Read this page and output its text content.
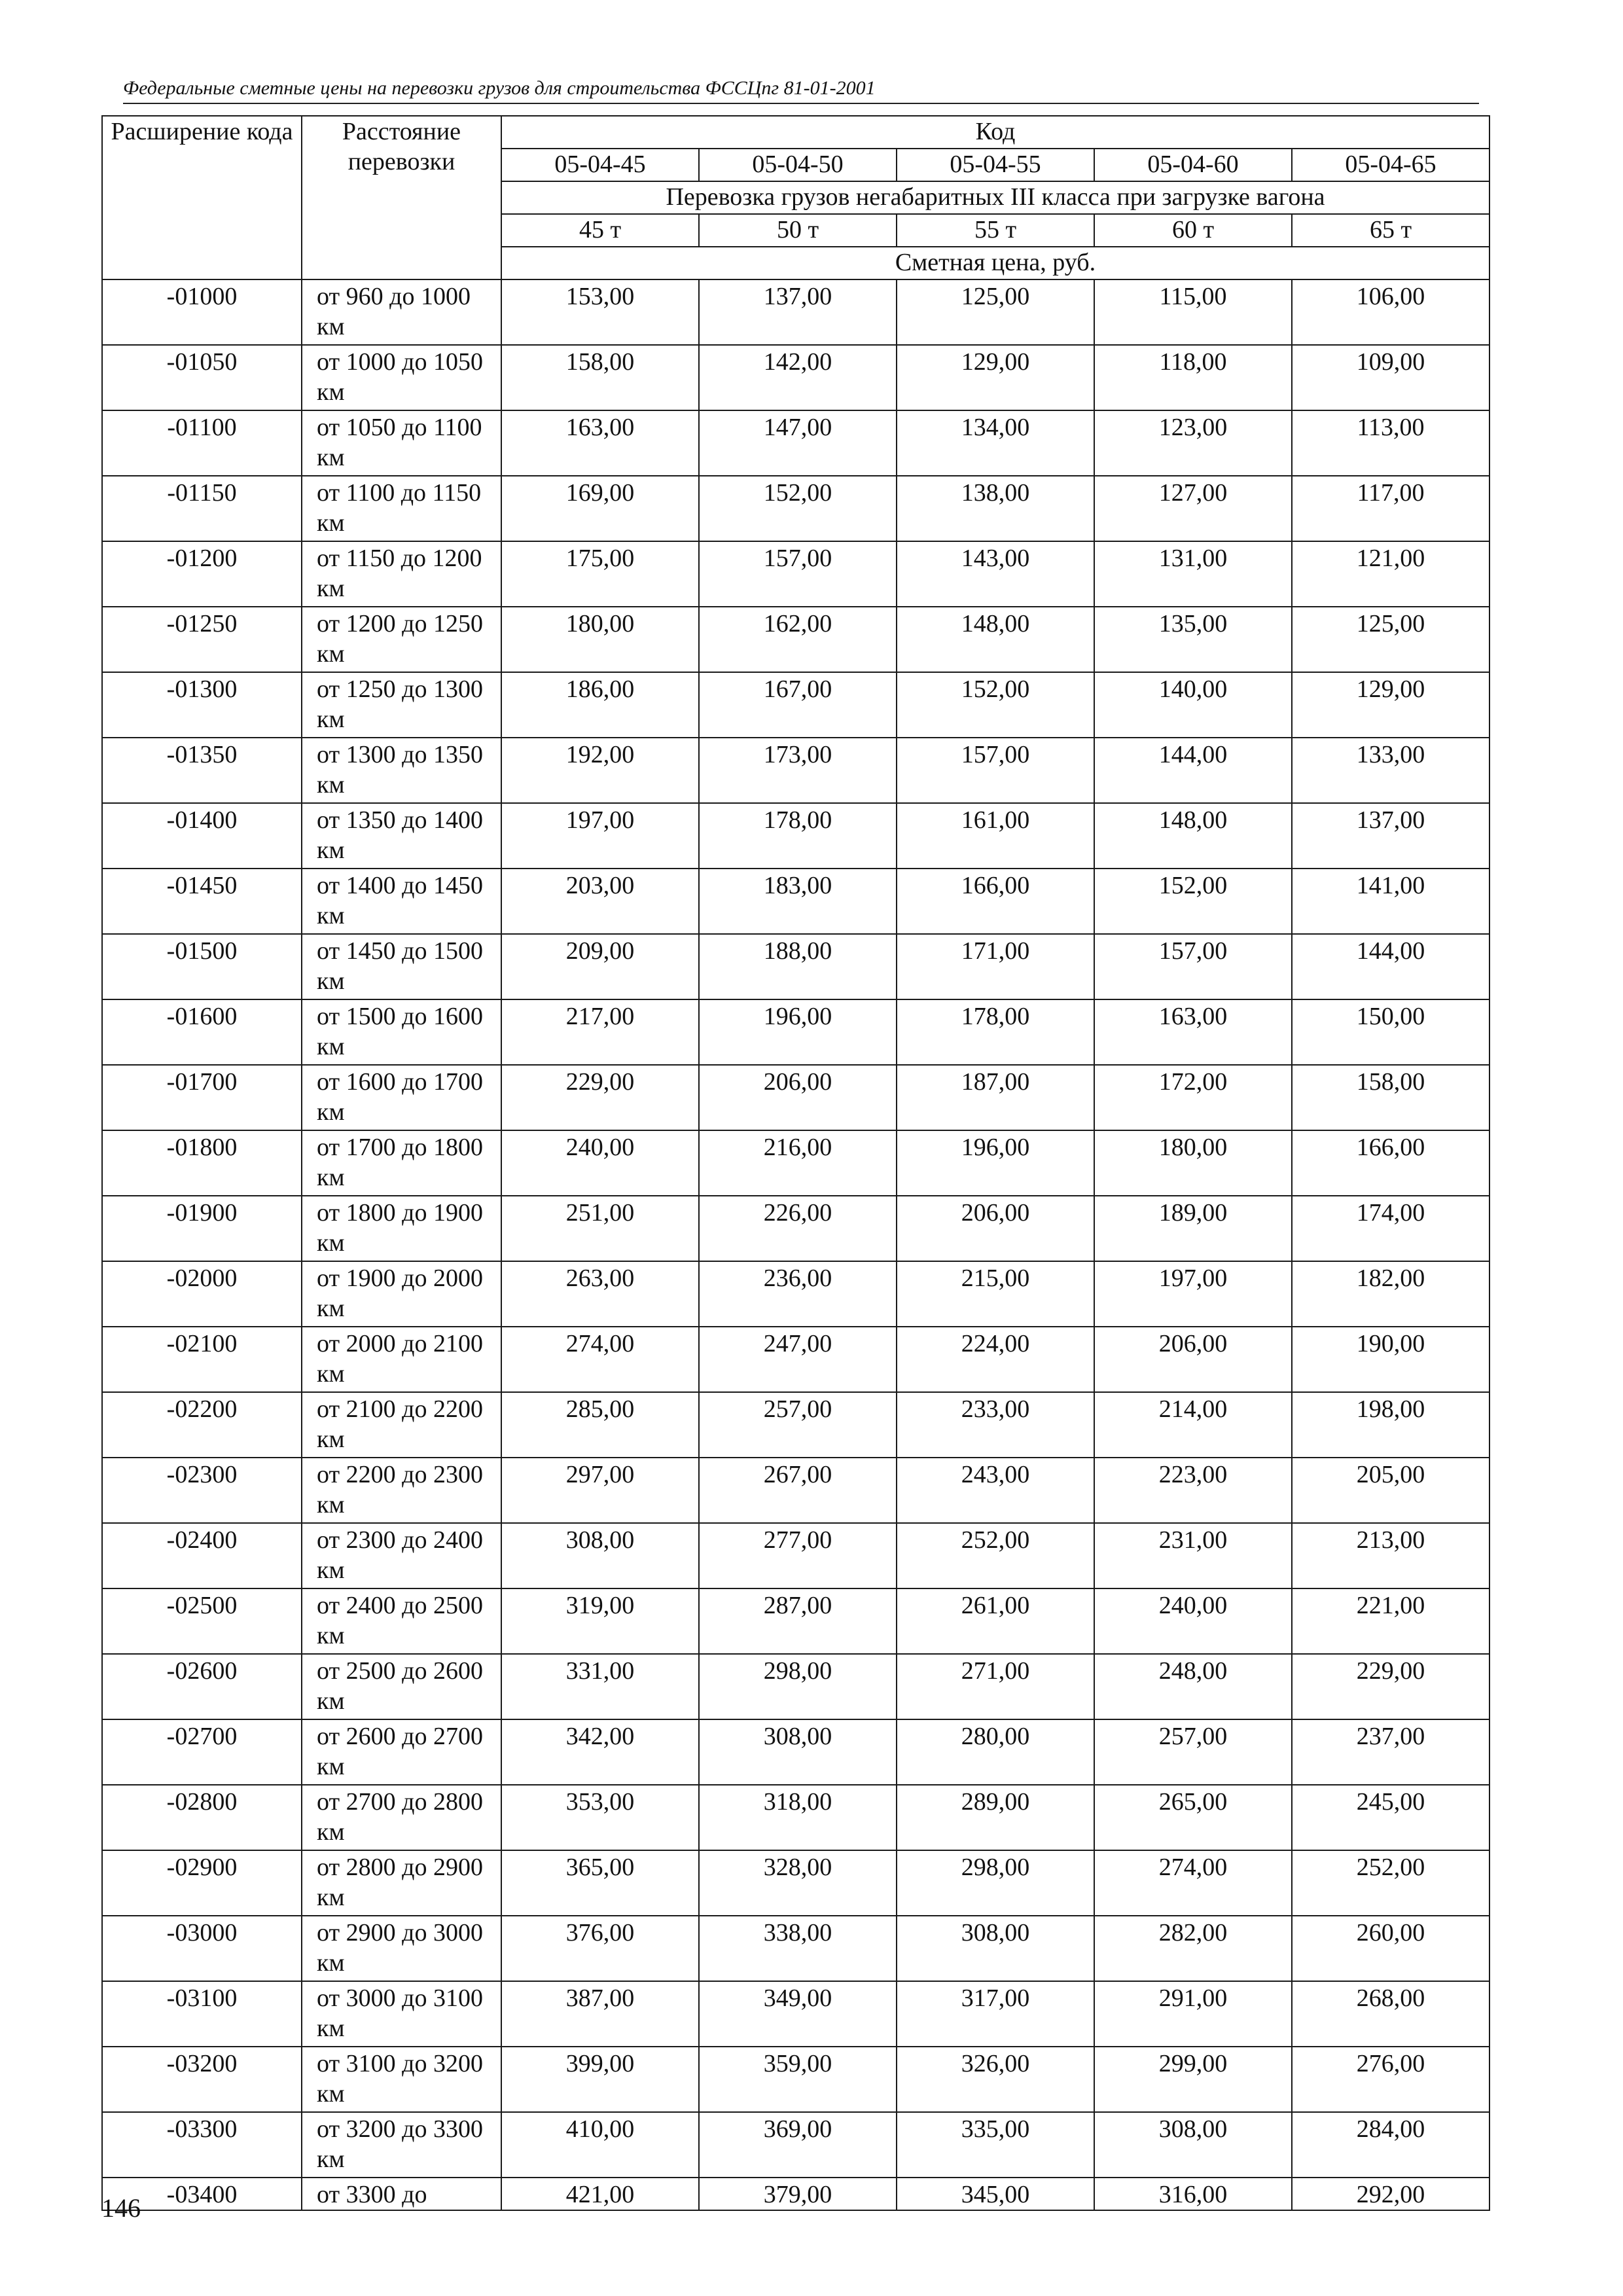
Федеральные сметные цены на перевозки грузов для строительства ФССЦпг 81-01-2001
Расширение кода	Расстояние перевозки	Код				
		05-04-45	05-04-50	05-04-55	05-04-60	05-04-65
		Перевозка грузов негабаритных III класса при загрузке вагона				
		45 т	50 т	55 т	60 т	65 т
		Сметная цена, руб.				
-01000	от 960 до 1000 км	153,00	137,00	125,00	115,00	106,00
-01050	от 1000 до 1050 км	158,00	142,00	129,00	118,00	109,00
-01100	от 1050 до 1100 км	163,00	147,00	134,00	123,00	113,00
-01150	от 1100 до 1150 км	169,00	152,00	138,00	127,00	117,00
-01200	от 1150 до 1200 км	175,00	157,00	143,00	131,00	121,00
-01250	от 1200 до 1250 км	180,00	162,00	148,00	135,00	125,00
-01300	от 1250 до 1300 км	186,00	167,00	152,00	140,00	129,00
-01350	от 1300 до 1350 км	192,00	173,00	157,00	144,00	133,00
-01400	от 1350 до 1400 км	197,00	178,00	161,00	148,00	137,00
-01450	от 1400 до 1450 км	203,00	183,00	166,00	152,00	141,00
-01500	от 1450 до 1500 км	209,00	188,00	171,00	157,00	144,00
-01600	от 1500 до 1600 км	217,00	196,00	178,00	163,00	150,00
-01700	от 1600 до 1700 км	229,00	206,00	187,00	172,00	158,00
-01800	от 1700 до 1800 км	240,00	216,00	196,00	180,00	166,00
-01900	от 1800 до 1900 км	251,00	226,00	206,00	189,00	174,00
-02000	от 1900 до 2000 км	263,00	236,00	215,00	197,00	182,00
-02100	от 2000 до 2100 км	274,00	247,00	224,00	206,00	190,00
-02200	от 2100 до 2200 км	285,00	257,00	233,00	214,00	198,00
-02300	от 2200 до 2300 км	297,00	267,00	243,00	223,00	205,00
-02400	от 2300 до 2400 км	308,00	277,00	252,00	231,00	213,00
-02500	от 2400 до 2500 км	319,00	287,00	261,00	240,00	221,00
-02600	от 2500 до 2600 км	331,00	298,00	271,00	248,00	229,00
-02700	от 2600 до 2700 км	342,00	308,00	280,00	257,00	237,00
-02800	от 2700 до 2800 км	353,00	318,00	289,00	265,00	245,00
-02900	от 2800 до 2900 км	365,00	328,00	298,00	274,00	252,00
-03000	от 2900 до 3000 км	376,00	338,00	308,00	282,00	260,00
-03100	от 3000 до 3100 км	387,00	349,00	317,00	291,00	268,00
-03200	от 3100 до 3200 км	399,00	359,00	326,00	299,00	276,00
-03300	от 3200 до 3300 км	410,00	369,00	335,00	308,00	284,00
-03400	от 3300 до	421,00	379,00	345,00	316,00	292,00
146
